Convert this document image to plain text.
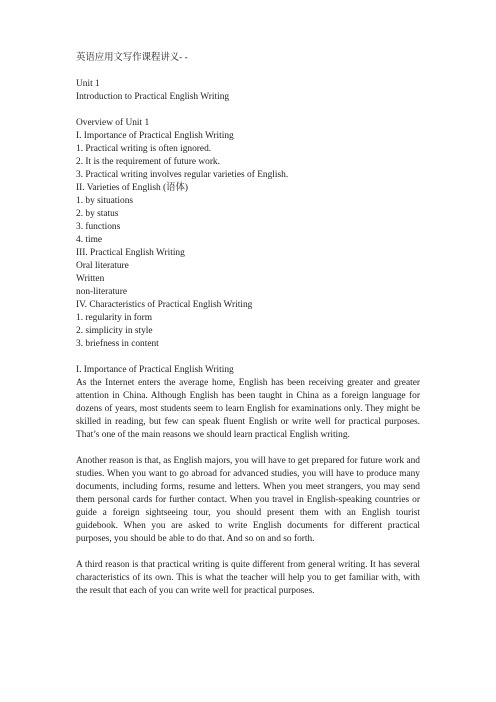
英语应用文写作课程讲义- -
Unit 1
Introduction to Practical English Writing
Overview of Unit 1
I. Importance of Practical English Writing
1. Practical writing is often ignored.
2. It is the requirement of future work.
3. Practical writing involves regular varieties of English.
II. Varieties of English (语体)
1. by situations
2. by status
3. functions
4. time
III. Practical English Writing
Oral literature
Written
non-literature
IV. Characteristics of Practical English Writing
1. regularity in form
2. simplicity in style
3. briefness in content
I. Importance of Practical English Writing

As the Internet enters the average home, English has been receiving greater and greater attention in China. Although English has been taught in China as a foreign language for dozens of years, most students seem to learn English for examinations only. They might be skilled in reading, but few can speak fluent English or write well for practical purposes. That’s one of the main reasons we should learn practical English writing.

Another reason is that, as English majors, you will have to get prepared for future work and studies. When you want to go abroad for advanced studies, you will have to produce many documents, including forms, resume and letters. When you meet strangers, you may send them personal cards for further contact. When you travel in English-speaking countries or guide a foreign sightseeing tour, you should present them with an English tourist guidebook. When you are asked to write English documents for different practical purposes, you should be able to do that. And so on and so forth.

A third reason is that practical writing is quite different from general writing. It has several characteristics of its own. This is what the teacher will help you to get familiar with, with the result that each of you can write well for practical purposes.
